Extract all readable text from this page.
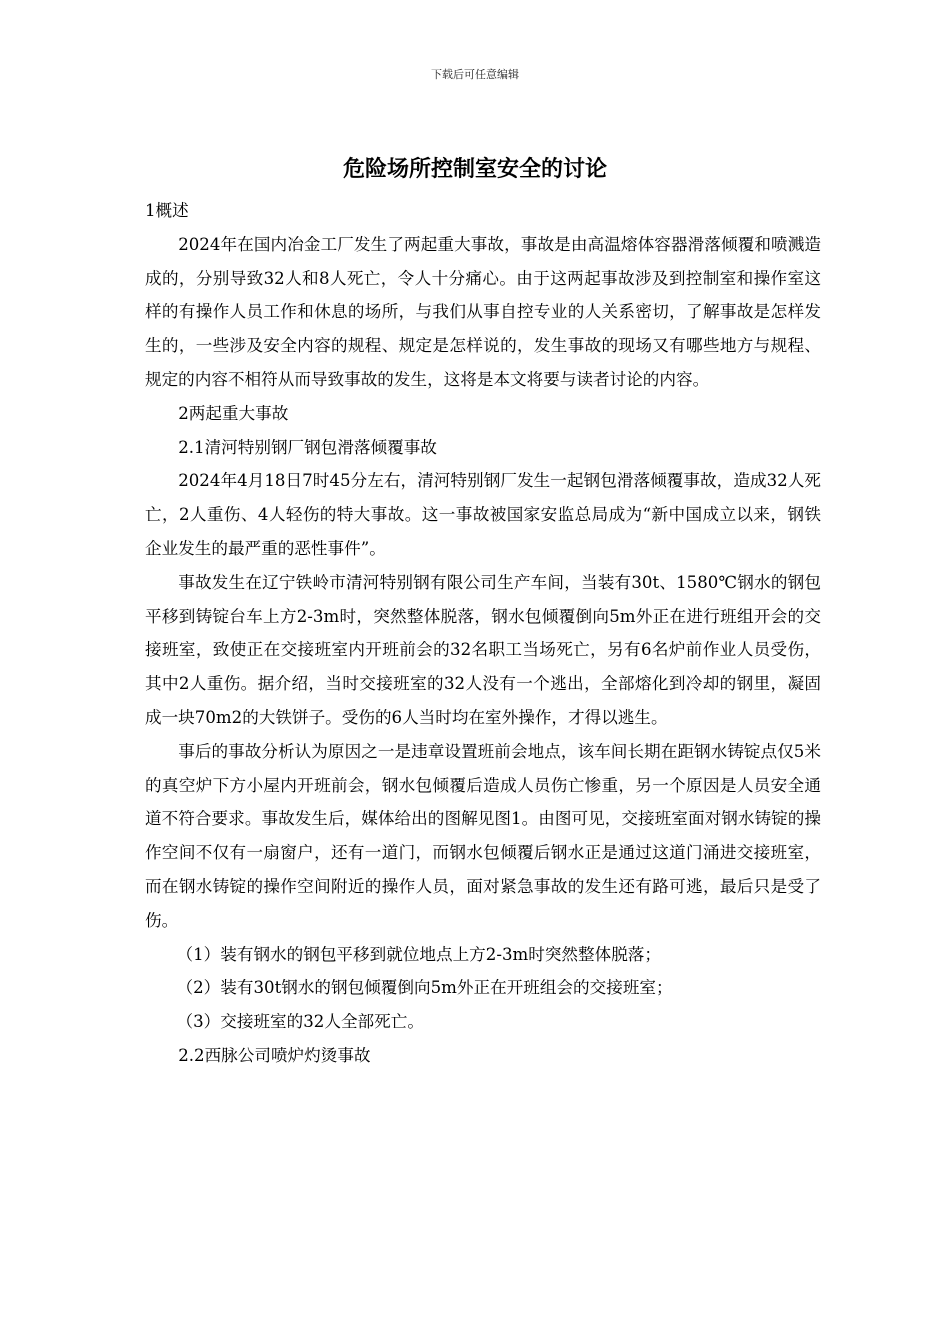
下载后可任意编辑
危险场所控制室安全的讨论

1概述

2024年在国内冶金工厂发生了两起重大事故，事故是由高温熔体容器滑落倾覆和喷溅造成的，分别导致32人和8人死亡，令人十分痛心。由于这两起事故涉及到控制室和操作室这样的有操作人员工作和休息的场所，与我们从事自控专业的人关系密切，了解事故是怎样发生的，一些涉及安全内容的规程、规定是怎样说的，发生事故的现场又有哪些地方与规程、规定的内容不相符从而导致事故的发生，这将是本文将要与读者讨论的内容。

2两起重大事故

2.1清河特别钢厂钢包滑落倾覆事故

2024年4月18日7时45分左右，清河特别钢厂发生一起钢包滑落倾覆事故，造成32人死亡，2人重伤、4人轻伤的特大事故。这一事故被国家安监总局成为“新中国成立以来，钢铁企业发生的最严重的恶性事件”。

事故发生在辽宁铁岭市清河特别钢有限公司生产车间，当装有30t、1580℃钢水的钢包平移到铸锭台车上方2-3m时，突然整体脱落，钢水包倾覆倒向5m外正在进行班组开会的交接班室，致使正在交接班室内开班前会的32名职工当场死亡，另有6名炉前作业人员受伤，其中2人重伤。据介绍，当时交接班室的32人没有一个逃出，全部熔化到冷却的钢里，凝固成一块70m2的大铁饼子。受伤的6人当时均在室外操作，才得以逃生。

事后的事故分析认为原因之一是违章设置班前会地点，该车间长期在距钢水铸锭点仅5米的真空炉下方小屋内开班前会，钢水包倾覆后造成人员伤亡惨重，另一个原因是人员安全通道不符合要求。事故发生后，媒体给出的图解见图1。由图可见，交接班室面对钢水铸锭的操作空间不仅有一扇窗户，还有一道门，而钢水包倾覆后钢水正是通过这道门涌进交接班室，而在钢水铸锭的操作空间附近的操作人员，面对紧急事故的发生还有路可逃，最后只是受了伤。

（1）装有钢水的钢包平移到就位地点上方2-3m时突然整体脱落；

（2）装有30t钢水的钢包倾覆倒向5m外正在开班组会的交接班室；

（3）交接班室的32人全部死亡。

2.2西脉公司喷炉灼烫事故
